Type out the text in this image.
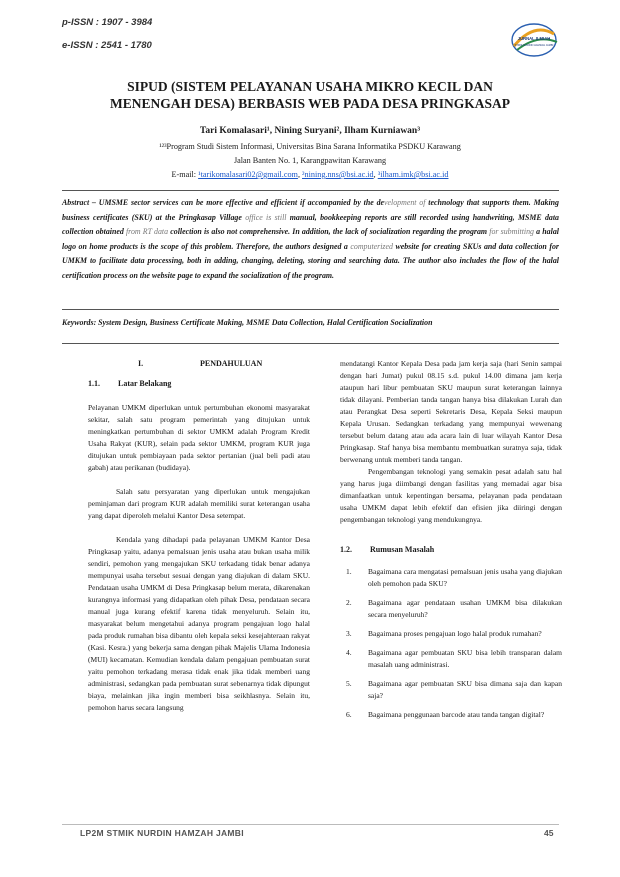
p-ISSN : 1907 - 3984
e-ISSN : 2541 - 1780
JURNAL ILMIAH
STMIK NURDIN HAMZAH JAMBI
SIPUD (SISTEM PELAYANAN USAHA MIKRO KECIL DAN
MENENGAH DESA) BERBASIS WEB PADA DESA PRINGKASAP
Tari Komalasari¹, Nining Suryani², Ilham Kurniawan³
¹²³Program Studi Sistem Informasi, Universitas Bina Sarana Informatika PSDKU Karawang
Jalan Banten No. 1, Karangpawitan Karawang
E-mail: ¹tarikomalasari02@gmail.com, ²nining.nns@bsi.ac.id, ³ilham.imk@bsi.ac.id
Abstract – UMSME sector services can be more effective and efficient if accompanied by the development of technology that supports them. Making business certificates (SKU) at the Pringkasap Village office is still manual, bookkeeping reports are still recorded using handwriting, MSME data collection obtained from RT data collection is also not comprehensive. In addition, the lack of socialization regarding the program for submitting a halal logo on home products is the scope of this problem. Therefore, the authors designed a computerized website for creating SKUs and data collection for UMKM to facilitate data processing, both in adding, changing, deleting, storing and searching data. The author also includes the flow of the halal certification process on the website page to expand the socialization of the program.
Keywords: System Design, Business Certificate Making, MSME Data Collection, Halal Certification Socialization

I.	PENDAHULUAN

1.1. Latar Belakang

Pelayanan UMKM diperlukan untuk pertumbuhan ekonomi masyarakat sekitar, salah satu program pemerintah yang ditujukan untuk meningkatkan pertumbuhan di sektor UMKM adalah Program Kredit Usaha Rakyat (KUR), selain pada sektor UMKM, program KUR juga ditujukan untuk pembiayaan pada sektor pertanian (jual beli padi atau gabah) atau perikanan (budidaya).

Salah satu persyaratan yang diperlukan untuk mengajukan peminjaman dari program KUR adalah memiliki surat keterangan usaha yang dapat diperoleh melalui Kantor Desa setempat.

Kendala yang dihadapi pada pelayanan UMKM Kantor Desa Pringkasap yaitu, adanya pemalsuan jenis usaha atau bukan usaha milik sendiri, pemohon yang mengajukan SKU terkadang tidak benar adanya mempunyai usaha tersebut sesuai dengan yang diajukan di dalam SKU. Pendataan usaha UMKM di Desa Pringkasap belum merata, dikarenakan kurangnya informasi yang didapatkan oleh pihak Desa, pendataan secara manual juga kurang efektif karena tidak menyeluruh. Selain itu, masyarakat belum mengetahui adanya program pengajuan logo halal pada produk rumahan bisa dibantu oleh kepala seksi kesejahteraan rakyat (Kasi. Kesra.) yang bekerja sama dengan pihak Majelis Ulama Indonesia (MUI) kecamatan. Kemudian kendala dalam pengajuan pembuatan surat yaitu pemohon terkadang merasa tidak enak jika tidak memberi uang administrasi, sedangkan pada pembuatan surat sebenarnya tidak dipungut biaya, melainkan jika ingin memberi bisa seikhlasnya. Selain itu, pemohon harus secara langsung

mendatangi Kantor Kepala Desa pada jam kerja saja (hari Senin sampai dengan hari Jumat) pukul 08.15 s.d. pukul 14.00 dimana jam kerja ataupun hari libur pembuatan SKU maupun surat keterangan lainnya tidak dilayani. Pemberian tanda tangan hanya bisa dilakukan Lurah dan atau Perangkat Desa seperti Sekretaris Desa, Kepala Seksi maupun Kepala Urusan. Sedangkan terkadang yang mempunyai wewenang tersebut belum datang atau ada acara lain di luar wilayah Kantor Desa Pringkasap. Staf hanya bisa membantu membuatkan suratnya saja, tidak berwenang untuk memberi tanda tangan.

Pengembangan teknologi yang semakin pesat adalah satu hal yang harus juga diimbangi dengan fasilitas yang memadai agar bisa dimanfaatkan untuk kepentingan bersama, pelayanan pada pendataan usaha UMKM dapat lebih efektif dan efisien jika diiringi dengan pengembangan teknologi yang mendukungnya.

1.2. Rumusan Masalah

1. Bagaimana cara mengatasi pemalsuan jenis usaha yang diajukan oleh pemohon pada SKU?
2. Bagaimana agar pendataan usahan UMKM bisa dilakukan secara menyeluruh?
3. Bagaimana proses pengajuan logo halal produk rumahan?
4. Bagaimana agar pembuatan SKU bisa lebih transparan dalam masalah uang administrasi.
5. Bagaimana agar pembuatan SKU bisa dimana saja dan kapan saja?
6. Bagaimana penggunaan barcode atau tanda tangan digital?
LP2M STMIK NURDIN HAMZAH JAMBI	45
